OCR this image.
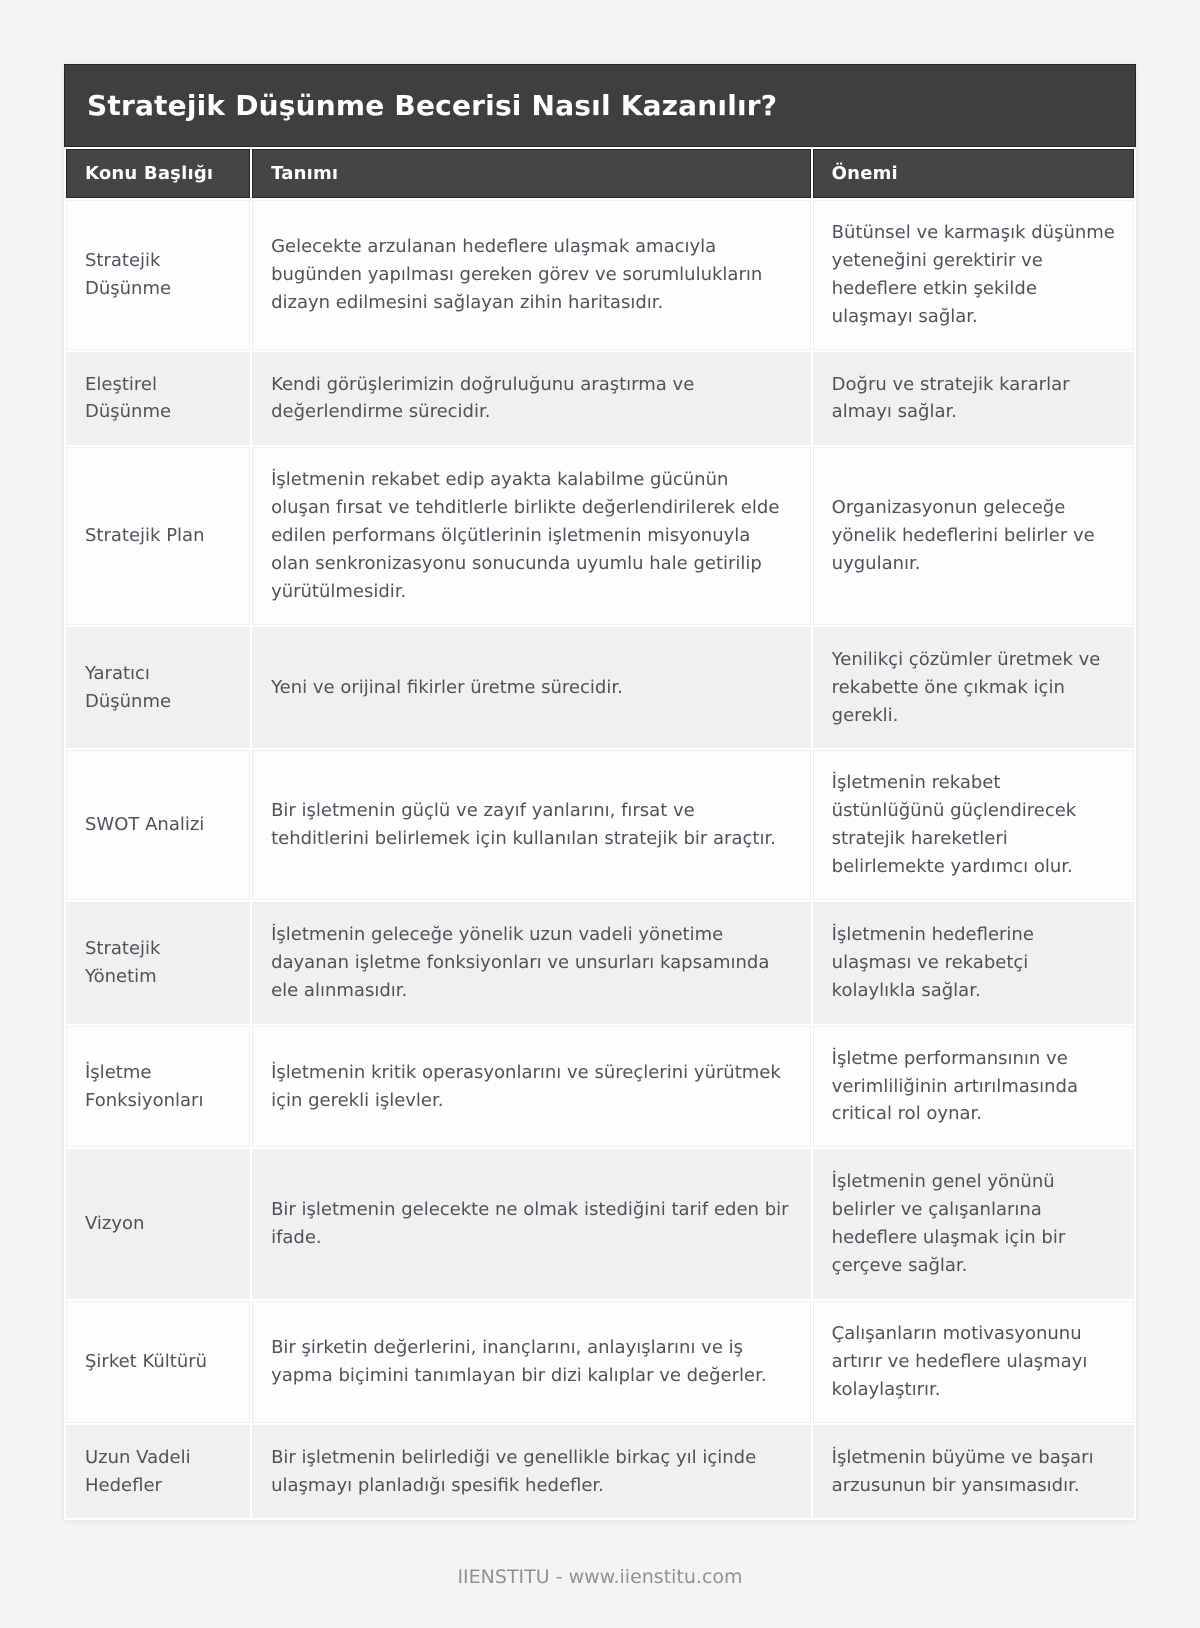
Stratejik Düşünme Becerisi Nasıl Kazanılır?
Konu Başlığı	Tanımı	Önemi
Stratejik Düşünme	Gelecekte arzulanan hedeflere ulaşmak amacıyla bugünden yapılması gereken görev ve sorumlulukların dizayn edilmesini sağlayan zihin haritasıdır.	Bütünsel ve karmaşık düşünme yeteneğini gerektirir ve hedeflere etkin şekilde ulaşmayı sağlar.
Eleştirel Düşünme	Kendi görüşlerimizin doğruluğunu araştırma ve değerlendirme sürecidir.	Doğru ve stratejik kararlar almayı sağlar.
Stratejik Plan	İşletmenin rekabet edip ayakta kalabilme gücünün oluşan fırsat ve tehditlerle birlikte değerlendirilerek elde edilen performans ölçütlerinin işletmenin misyonuyla olan senkronizasyonu sonucunda uyumlu hale getirilip yürütülmesidir.	Organizasyonun geleceğe yönelik hedeflerini belirler ve uygulanır.
Yaratıcı Düşünme	Yeni ve orijinal fikirler üretme sürecidir.	Yenilikçi çözümler üretmek ve rekabette öne çıkmak için gerekli.
SWOT Analizi	Bir işletmenin güçlü ve zayıf yanlarını, fırsat ve tehditlerini belirlemek için kullanılan stratejik bir araçtır.	İşletmenin rekabet üstünlüğünü güçlendirecek stratejik hareketleri belirlemekte yardımcı olur.
Stratejik Yönetim	İşletmenin geleceğe yönelik uzun vadeli yönetime dayanan işletme fonksiyonları ve unsurları kapsamında ele alınmasıdır.	İşletmenin hedeflerine ulaşması ve rekabetçi kolaylıkla sağlar.
İşletme Fonksiyonları	İşletmenin kritik operasyonlarını ve süreçlerini yürütmek için gerekli işlevler.	İşletme performansının ve verimliliğinin artırılmasında critical rol oynar.
Vizyon	Bir işletmenin gelecekte ne olmak istediğini tarif eden bir ifade.	İşletmenin genel yönünü belirler ve çalışanlarına hedeflere ulaşmak için bir çerçeve sağlar.
Şirket Kültürü	Bir şirketin değerlerini, inançlarını, anlayışlarını ve iş yapma biçimini tanımlayan bir dizi kalıplar ve değerler.	Çalışanların motivasyonunu artırır ve hedeflere ulaşmayı kolaylaştırır.
Uzun Vadeli Hedefler	Bir işletmenin belirlediği ve genellikle birkaç yıl içinde ulaşmayı planladığı spesifik hedefler.	İşletmenin büyüme ve başarı arzusunun bir yansımasıdır.
IIENSTITU - www.iienstitu.com
